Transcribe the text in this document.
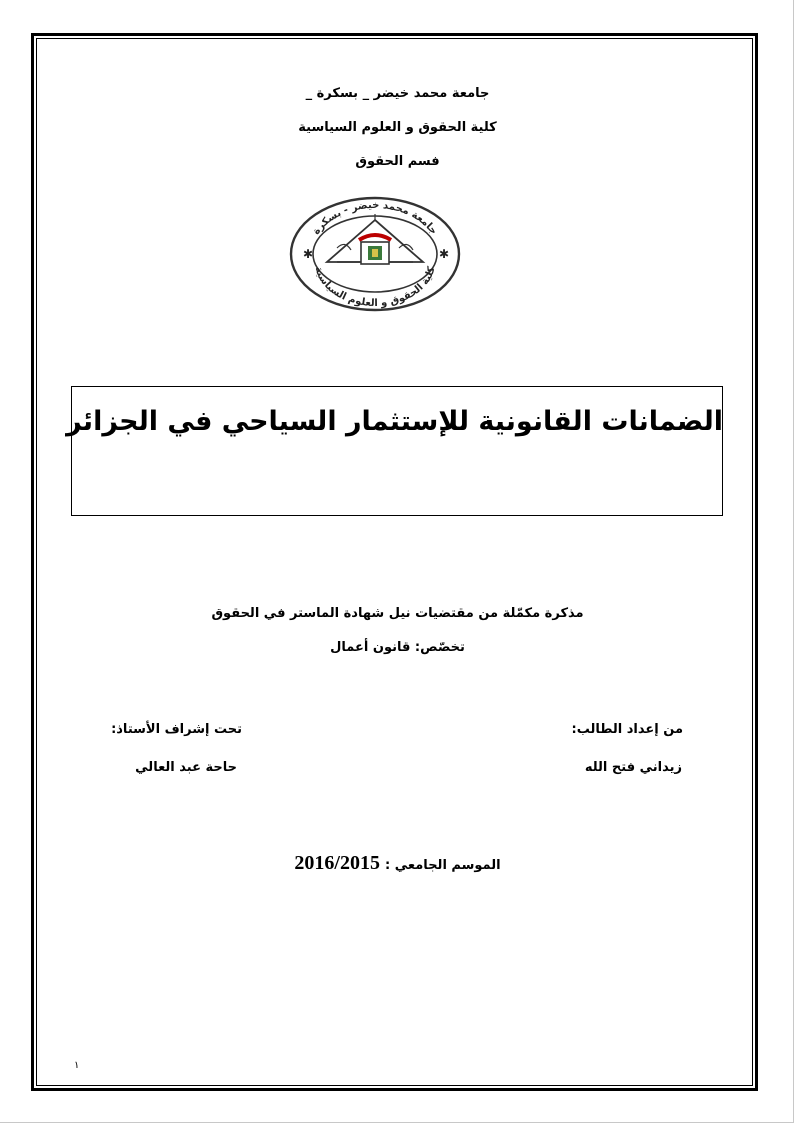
جامعة محمد خيضر _ بسكرة _
كلية الحقوق و العلوم السياسية
فسم الحقوق
جامعة محمد خيضر - بسكرة
كلية الحقوق و العلوم السياسية
✱	✱
الضمانات القانونية للإستثمار السياحي في الجزائر
مذكرة مكمّلة من مقتضيات نيل شهادة الماستر في الحقوق
تخصّص: قانون أعمال
من إعداد الطالب:
زيداني فتح الله
تحت إشراف الأستاذ:
حاحة عبد العالي
الموسم الجامعي : 2016/2015
١
